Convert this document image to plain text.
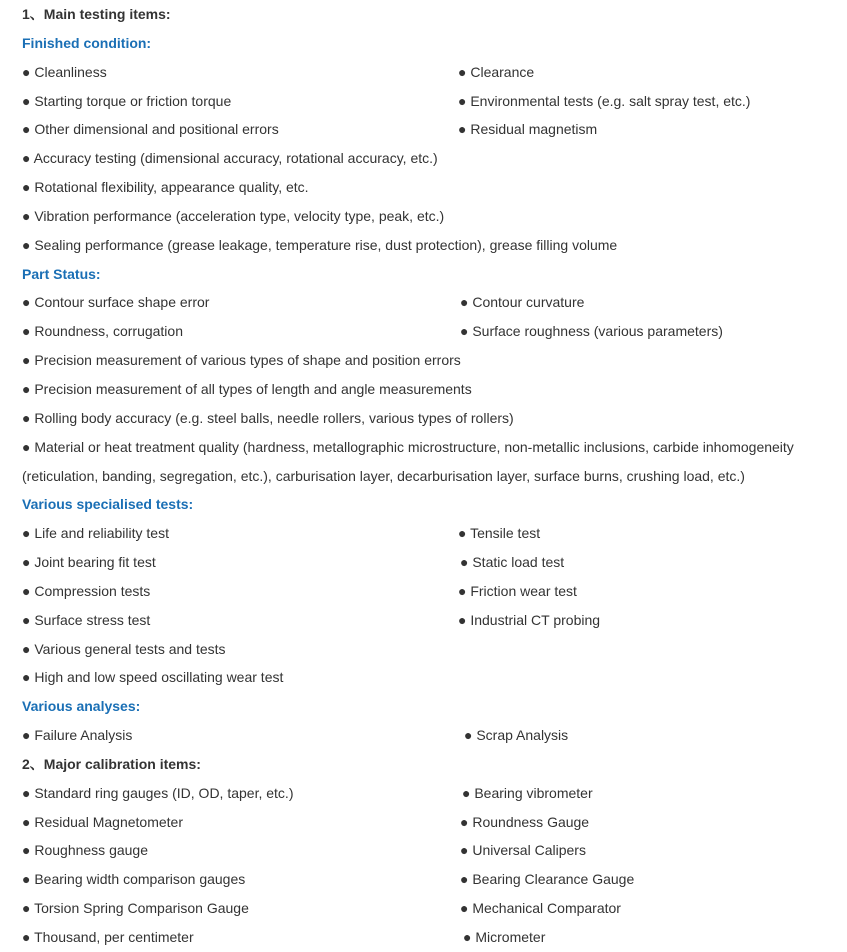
1、Main testing items:
Finished condition:
● Cleanliness	● Clearance
● Starting torque or friction torque	● Environmental tests (e.g. salt spray test, etc.)
● Other dimensional and positional errors	● Residual magnetism
● Accuracy testing (dimensional accuracy, rotational accuracy, etc.)
● Rotational flexibility, appearance quality, etc.
● Vibration performance (acceleration type, velocity type, peak, etc.)
● Sealing performance (grease leakage, temperature rise, dust protection), grease filling volume
Part Status:
● Contour surface shape error	● Contour curvature
● Roundness, corrugation	● Surface roughness (various parameters)
● Precision measurement of various types of shape and position errors
● Precision measurement of all types of length and angle measurements
● Rolling body accuracy (e.g. steel balls, needle rollers, various types of rollers)
● Material or heat treatment quality (hardness, metallographic microstructure, non-metallic inclusions, carbide inhomogeneity (reticulation, banding, segregation, etc.), carburisation layer, decarburisation layer, surface burns, crushing load, etc.)
Various specialised tests:
● Life and reliability test	● Tensile test
● Joint bearing fit test	● Static load test
● Compression tests	● Friction wear test
● Surface stress test	● Industrial CT probing
● Various general tests and tests
● High and low speed oscillating wear test
Various analyses:
● Failure Analysis	● Scrap Analysis
2、Major calibration items:
● Standard ring gauges (ID, OD, taper, etc.)	● Bearing vibrometer
● Residual Magnetometer	● Roundness Gauge
● Roughness gauge	● Universal Calipers
● Bearing width comparison gauges	● Bearing Clearance Gauge
● Torsion Spring Comparison Gauge	● Mechanical Comparator
● Thousand, per centimeter	● Micrometer
